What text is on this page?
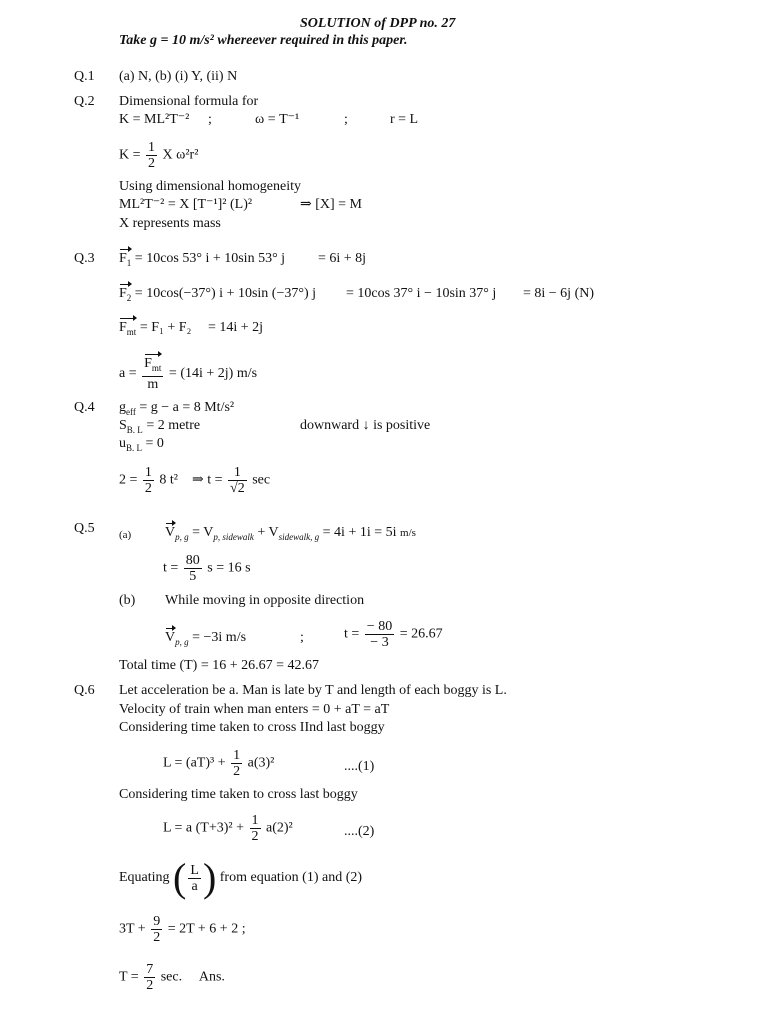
SOLUTION of DPP no. 27
Take g = 10 m/s² whereever required in this paper.
Q.1 (a) N, (b) (i) Y, (ii) N
Q.2 Dimensional formula for
K = ML²T⁻² ;	ω = T⁻¹	;	r = L
$K = \frac{1}{2}$ X ω²r²
Using dimensional homogeneity
ML²T⁻² = X [T⁻¹]² (L)²	⇒ [X] = M
X represents mass
Q.3 $F_1 = 10\cos$ 53° i + 10sin 53° j = 6i + 8j
$F_2 = 10\cos(-37^\circ) i + 10\sin$ (−37°) j = 10cos 37° i − 10sin 37° j = 8i − 6j (N)
$F_{mt} = F_1 + F_2 = 14i + 2j$
$a = \frac{F_{mt}}{m} = (14i + 2j)$ m/s
Q.4 $g_{eff} = g - a = 8$ Mt/s²
$S_{B. L} = 2$ metre	downward ↓ is positive
$u_{B. L} = 0$
$2 = \frac{1}{2} 8$ t² ⇒ $t = \frac{1}{√2}$ sec
Q.5 (a) $V_{p, g} = V_{p, sidewalk} + V_{sidewalk, g} = 4i + 1i = 5i$ m/s
$t = \frac{80}{5}$ s = 16 s
(b) While moving in opposite direction
$V_{p, g} = -3i$ m/s	;	$t = \frac{- 80}{- 3} = 26.67$
Total time (T) = 16 + 26.67 = 42.67
Q.6 Let acceleration be a. Man is late by T and length of each boggy is L.
Velocity of train when man enters = 0 + aT = aT
Considering time taken to cross IInd last boggy
$L = (aT)^3 + \frac{1}{2} a(3)^2$	....(1)
Considering time taken to cross last boggy
L = a $(T+3)^2 + \frac{1}{2} a(2)^2$	....(2)
Equating ( $\frac{L}{a}$ ) from equation (1) and (2)
$3T + \frac{9}{2} = 2T + 6 + 2$ ;
$T = \frac{7}{2} \sec$. Ans.
